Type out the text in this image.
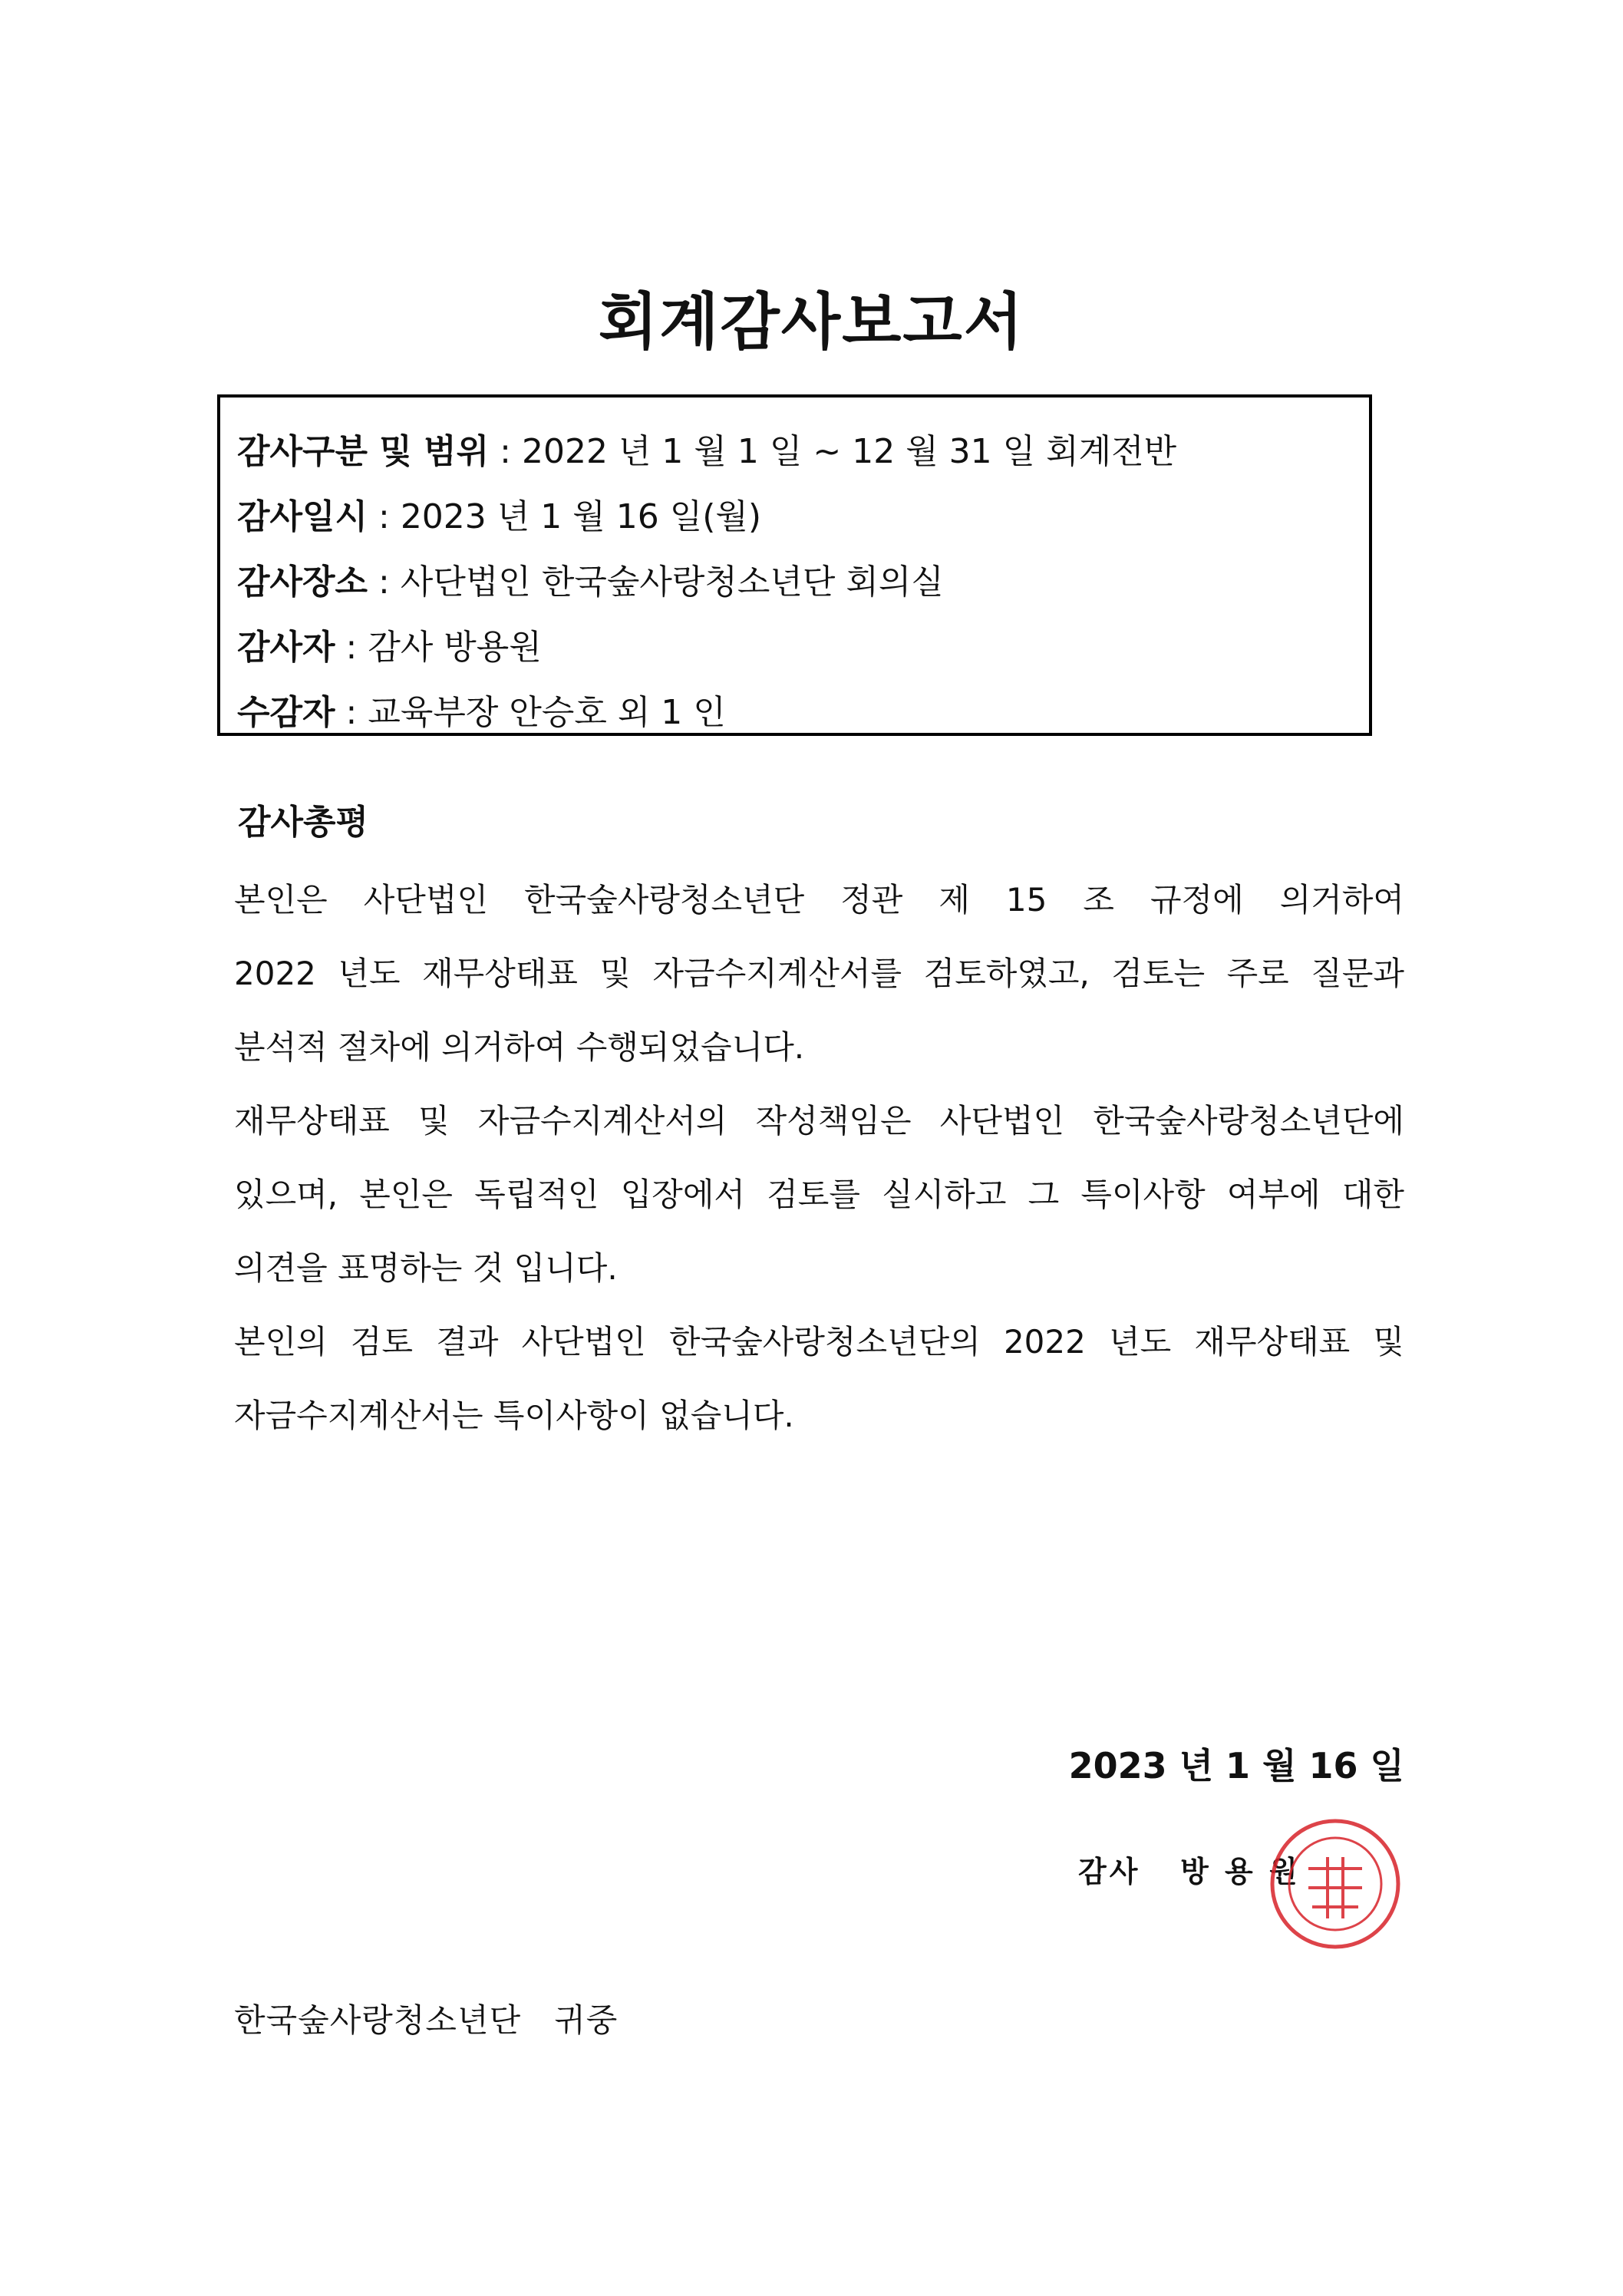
회계감사보고서
감사구분 및 범위 : 2022 년 1 월 1 일 ~ 12 월 31 일 회계전반
감사일시 : 2023 년 1 월 16 일(월)
감사장소 : 사단법인 한국숲사랑청소년단 회의실
감사자 : 감사 방용원
수감자 : 교육부장 안승호 외 1 인
감사총평

본인은 사단법인 한국숲사랑청소년단 정관 제 15 조 규정에 의거하여

2022 년도 재무상태표 및 자금수지계산서를 검토하였고, 검토는 주로 질문과

분석적 절차에 의거하여 수행되었습니다.

재무상태표 및 자금수지계산서의 작성책임은 사단법인 한국숲사랑청소년단에

있으며, 본인은 독립적인 입장에서 검토를 실시하고 그 특이사항 여부에 대한

의견을 표명하는 것 입니다.

본인의 검토 결과 사단법인 한국숲사랑청소년단의 2022 년도 재무상태표 및

자금수지계산서는 특이사항이 없습니다.

2023 년 1 월 16 일
감사   방 용 원
한국숲사랑청소년단   귀중
